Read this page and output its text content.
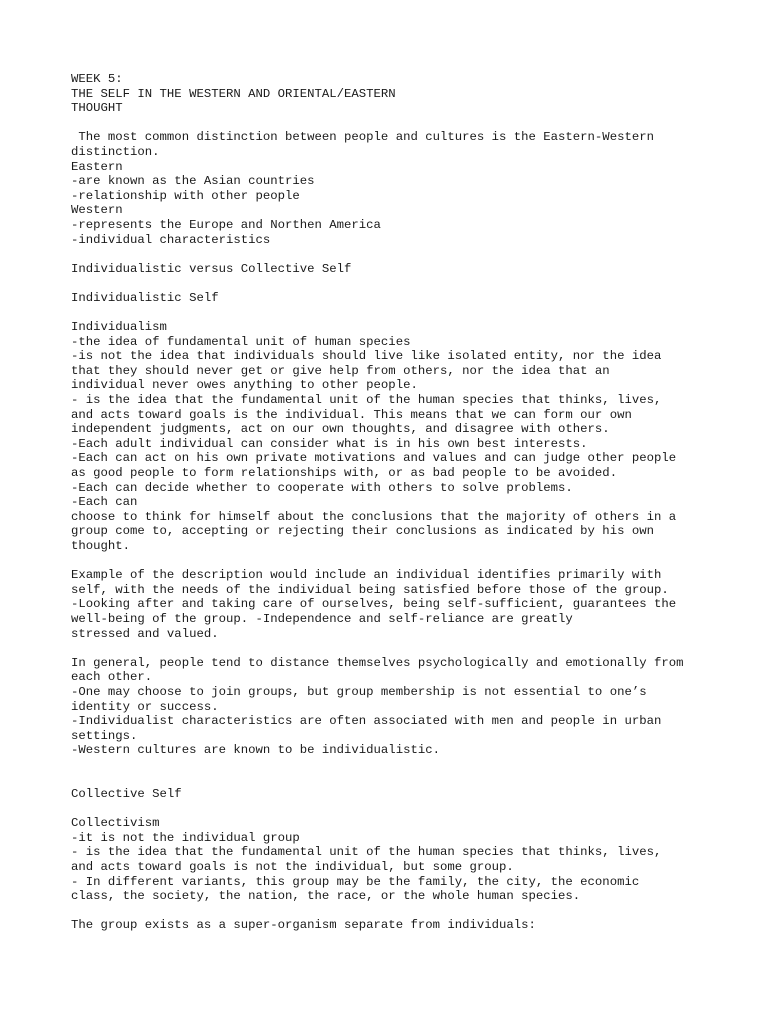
WEEK 5:
THE SELF IN THE WESTERN AND ORIENTAL/EASTERN
THOUGHT
The most common distinction between people and cultures is the Eastern-Western
distinction.
Eastern
-are known as the Asian countries
-relationship with other people
Western
-represents the Europe and Northen America
-individual characteristics
Individualistic versus Collective Self
Individualistic Self
Individualism
-the idea of fundamental unit of human species
-is not the idea that individuals should live like isolated entity, nor the idea
that they should never get or give help from others, nor the idea that an
individual never owes anything to other people.
- is the idea that the fundamental unit of the human species that thinks, lives,
and acts toward goals is the individual. This means that we can form our own
independent judgments, act on our own thoughts, and disagree with others.
-Each adult individual can consider what is in his own best interests.
-Each can act on his own private motivations and values and can judge other people
as good people to form relationships with, or as bad people to be avoided.
-Each can decide whether to cooperate with others to solve problems.
-Each can
choose to think for himself about the conclusions that the majority of others in a
group come to, accepting or rejecting their conclusions as indicated by his own
thought.
Example of the description would include an individual identifies primarily with
self, with the needs of the individual being satisfied before those of the group.
-Looking after and taking care of ourselves, being self-sufficient, guarantees the
well-being of the group. -Independence and self-reliance are greatly
stressed and valued.
In general, people tend to distance themselves psychologically and emotionally from
each other.
-One may choose to join groups, but group membership is not essential to one’s
identity or success.
-Individualist characteristics are often associated with men and people in urban
settings.
-Western cultures are known to be individualistic.
Collective Self
Collectivism
-it is not the individual group
- is the idea that the fundamental unit of the human species that thinks, lives,
and acts toward goals is not the individual, but some group.
- In different variants, this group may be the family, the city, the economic
class, the society, the nation, the race, or the whole human species.
The group exists as a super-organism separate from individuals:
